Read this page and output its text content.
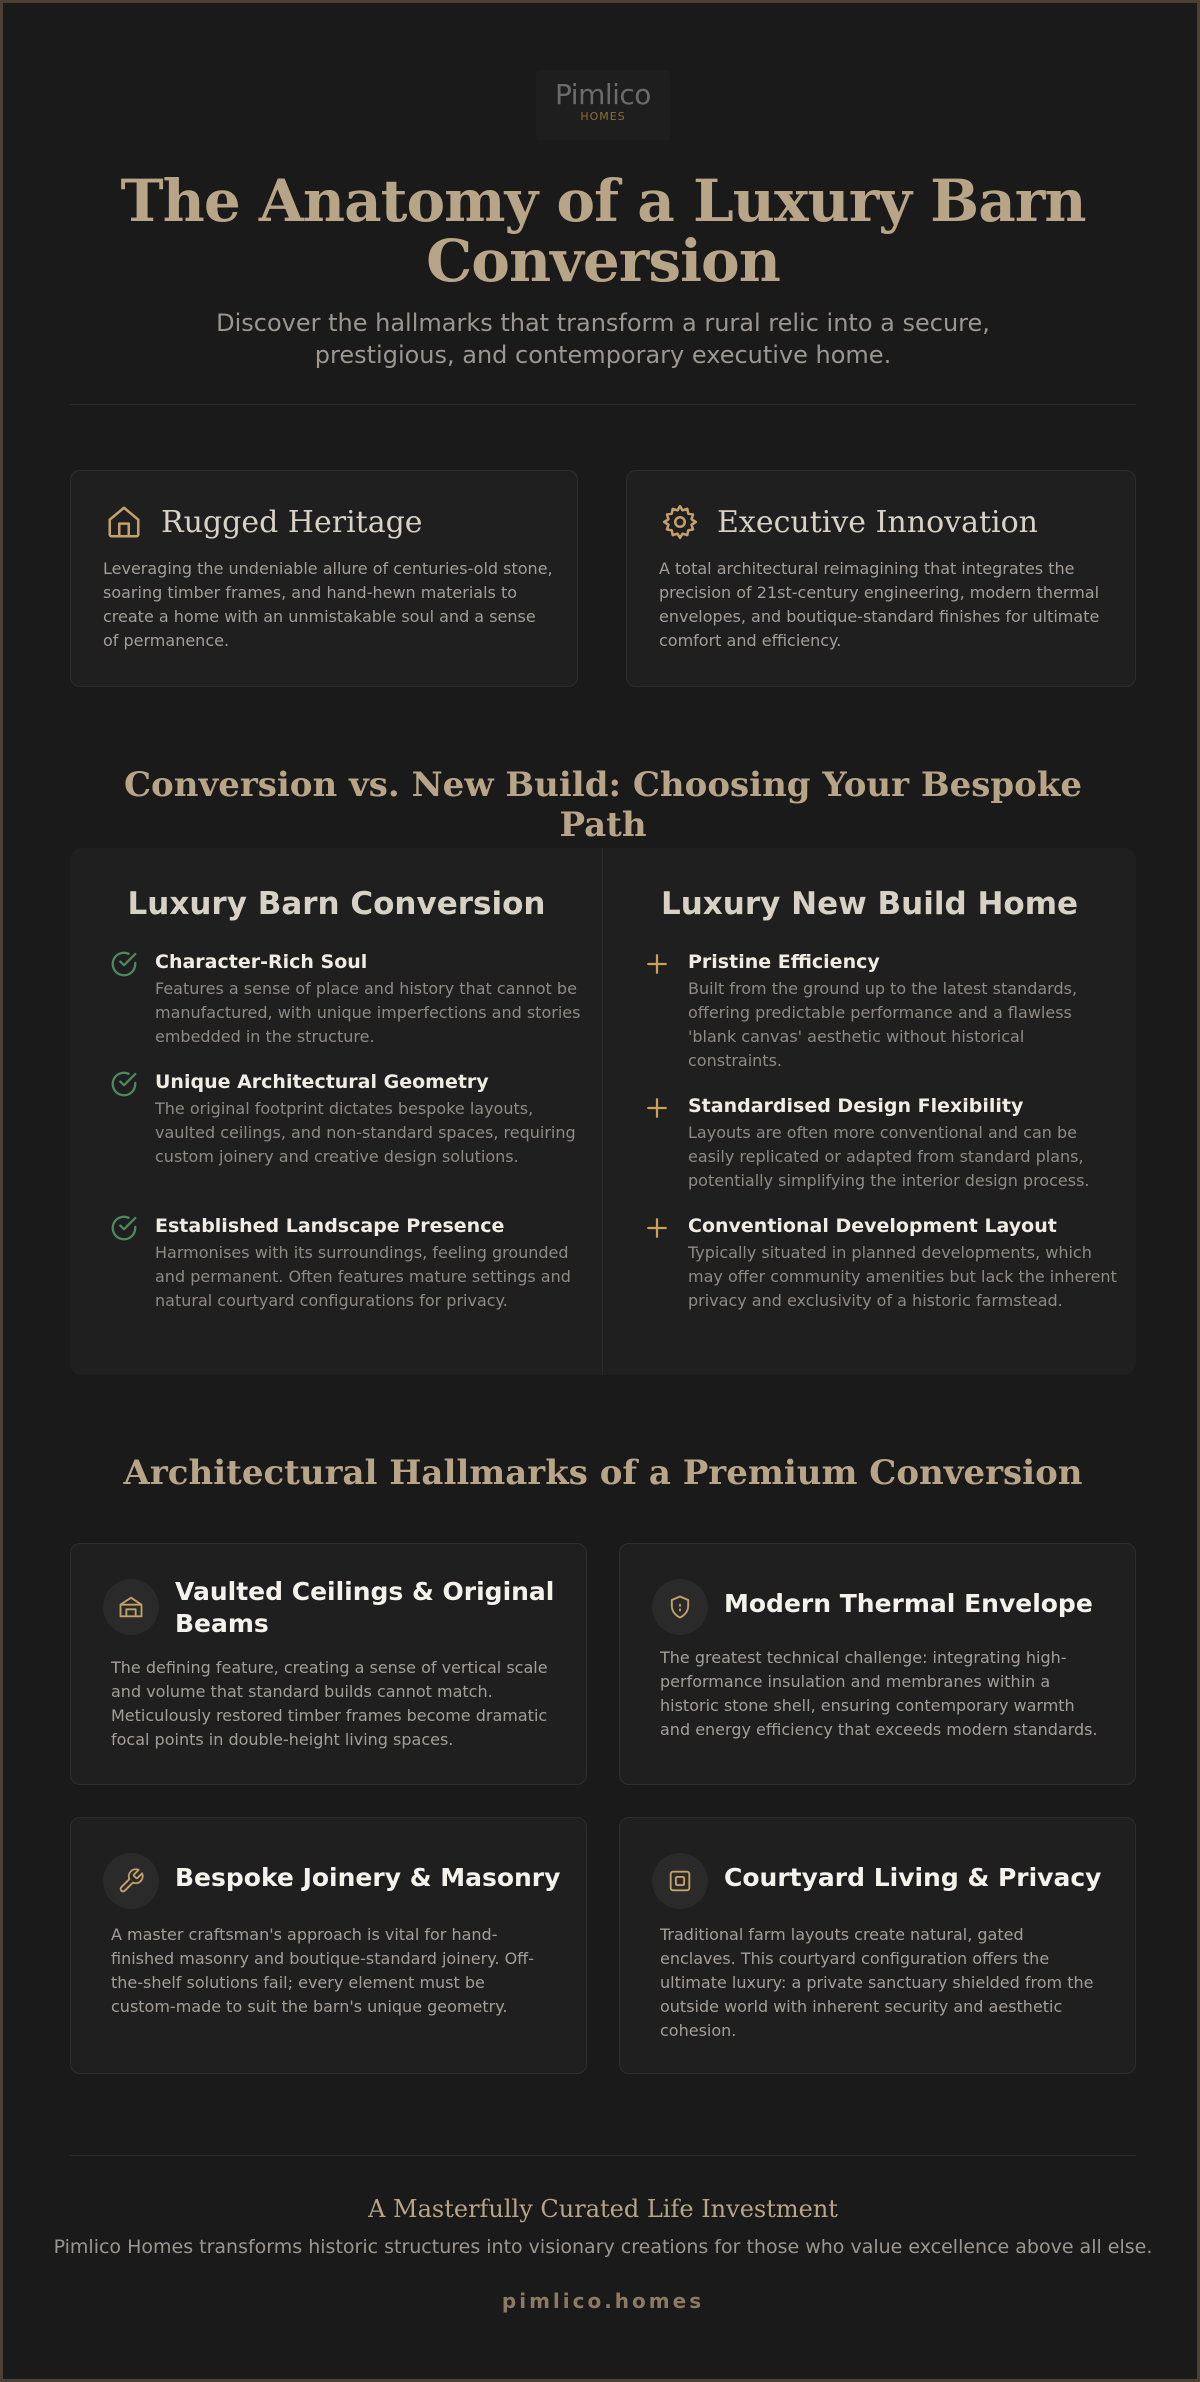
Pimlico
HOMES
The Anatomy of a Luxury Barn Conversion

Discover the hallmarks that transform a rural relic into a secure, prestigious, and contemporary executive home.

Rugged Heritage

Leveraging the undeniable allure of centuries-old stone, soaring timber frames, and hand-hewn materials to create a home with an unmistakable soul and a sense of permanence.

Executive Innovation

A total architectural reimagining that integrates the precision of 21st-century engineering, modern thermal envelopes, and boutique-standard finishes for ultimate comfort and efficiency.

Conversion vs. New Build: Choosing Your Bespoke Path
Luxury Barn Conversion	Luxury New Build Home
Character-Rich Soul
Features a sense of place and history that cannot be manufactured, with unique imperfections and stories embedded in the structure.
Unique Architectural Geometry
The original footprint dictates bespoke layouts, vaulted ceilings, and non-standard spaces, requiring custom joinery and creative design solutions.
Established Landscape Presence
Harmonises with its surroundings, feeling grounded and permanent. Often features mature settings and natural courtyard configurations for privacy.
Pristine Efficiency
Built from the ground up to the latest standards, offering predictable performance and a flawless 'blank canvas' aesthetic without historical constraints.
Standardised Design Flexibility
Layouts are often more conventional and can be easily replicated or adapted from standard plans, potentially simplifying the interior design process.
Conventional Development Layout
Typically situated in planned developments, which may offer community amenities but lack the inherent privacy and exclusivity of a historic farmstead.
Architectural Hallmarks of a Premium Conversion
Vaulted Ceilings & Original Beams

The defining feature, creating a sense of vertical scale and volume that standard builds cannot match. Meticulously restored timber frames become dramatic focal points in double-height living spaces.

Modern Thermal Envelope

The greatest technical challenge: integrating high-performance insulation and membranes within a historic stone shell, ensuring contemporary warmth and energy efficiency that exceeds modern standards.

Bespoke Joinery & Masonry

A master craftsman's approach is vital for hand-finished masonry and boutique-standard joinery. Off-the-shelf solutions fail; every element must be custom-made to suit the barn's unique geometry.

Courtyard Living & Privacy

Traditional farm layouts create natural, gated enclaves. This courtyard configuration offers the ultimate luxury: a private sanctuary shielded from the outside world with inherent security and aesthetic cohesion.

A Masterfully Curated Life Investment
Pimlico Homes transforms historic structures into visionary creations for those who value excellence above all else.
pimlico.homes
